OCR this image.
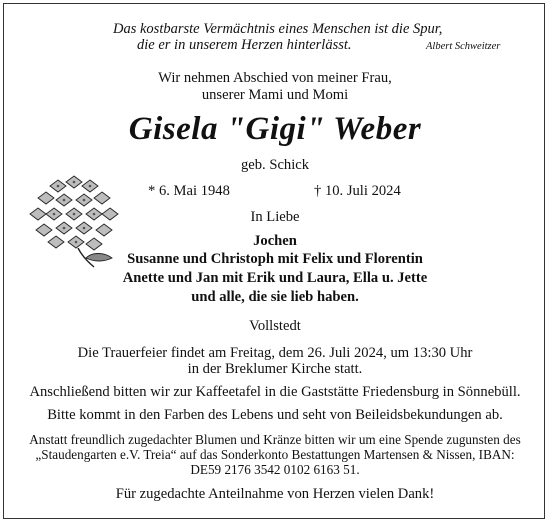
Das kostbarste Vermächtnis eines Menschen ist die Spur,
die er in unserem Herzen hinterlässt.	Albert Schweitzer
Wir nehmen Abschied von meiner Frau,
unserer Mami und Momi
Gisela "Gigi" Weber
geb. Schick
* 6. Mai 1948	† 10. Juli 2024
In Liebe
Jochen
Susanne und Christoph mit Felix und Florentin
Anette und Jan mit Erik und Laura, Ella u. Jette
und alle, die sie lieb haben.
Vollstedt
Die Trauerfeier findet am Freitag, dem 26. Juli 2024, um 13:30 Uhr
in der Breklumer Kirche statt.
Anschließend bitten wir zur Kaffeetafel in die Gaststätte Friedensburg in Sönnebüll.
Bitte kommt in den Farben des Lebens und seht von Beileidsbekundungen ab.
Anstatt freundlich zugedachter Blumen und Kränze bitten wir um eine Spende zugunsten des
„Staudengarten e.V. Treia“ auf das Sonderkonto Bestattungen Martensen & Nissen, IBAN:
DE59 2176 3542 0102 6163 51.
Für zugedachte Anteilnahme von Herzen vielen Dank!
